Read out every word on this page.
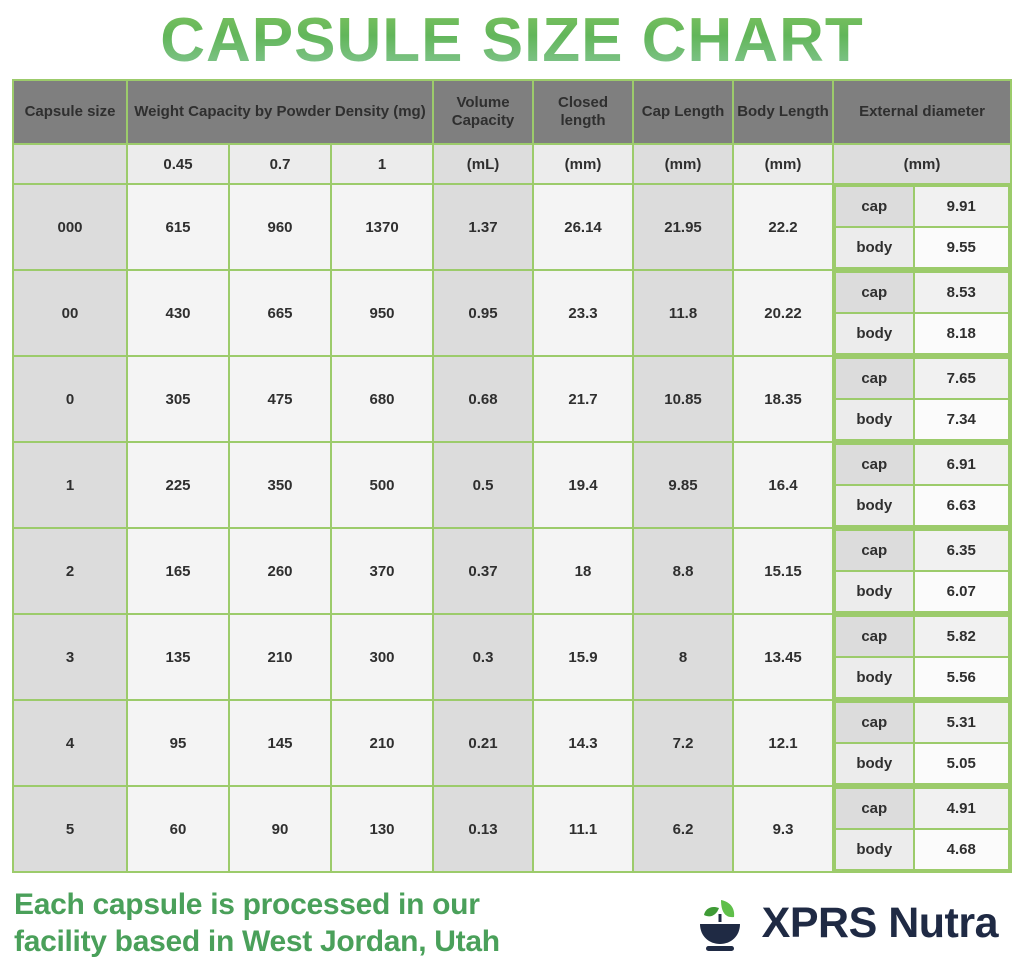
CAPSULE SIZE CHART
Capsule size	Weight Capacity by Powder Density (mg)	Volume Capacity	Closed length	Cap Length	Body Length	External diameter
	0.45	0.7	1	(mL)	(mm)	(mm)	(mm)	(mm)
000	615	960	1370	1.37	26.14	21.95	22.2	
cap	9.91
body	9.55

00	430	665	950	0.95	23.3	11.8	20.22	
cap	8.53
body	8.18

0	305	475	680	0.68	21.7	10.85	18.35	
cap	7.65
body	7.34

1	225	350	500	0.5	19.4	9.85	16.4	
cap	6.91
body	6.63

2	165	260	370	0.37	18	8.8	15.15	
cap	6.35
body	6.07

3	135	210	300	0.3	15.9	8	13.45	
cap	5.82
body	5.56

4	95	145	210	0.21	14.3	7.2	12.1	
cap	5.31
body	5.05

5	60	90	130	0.13	11.1	6.2	9.3	
cap	4.91
body	4.68
Each capsule is processed in our
facility based in West Jordan, Utah	XPRS Nutra
